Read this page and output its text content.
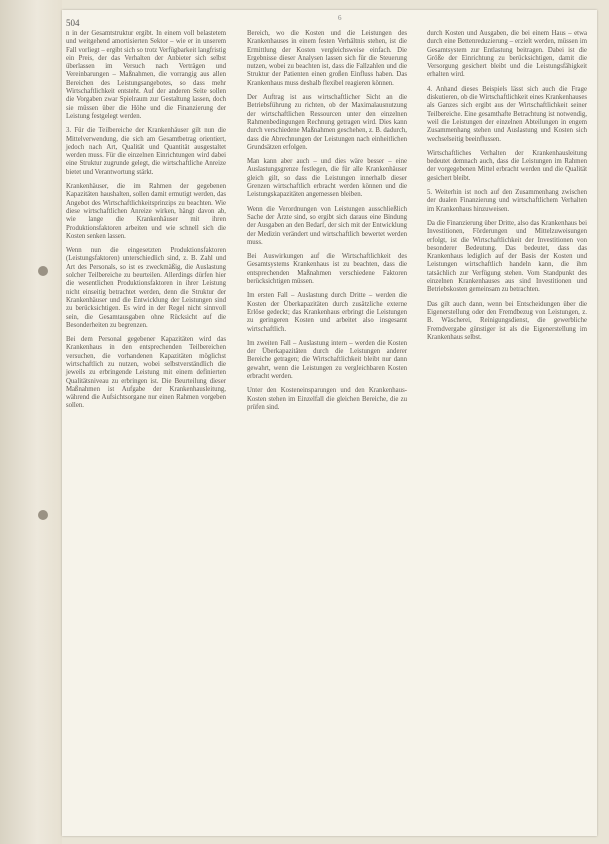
504	6

n in der Gesamtstruktur ergibt. In einem voll belastetem und weitgehend amortisierten Sektor – wie er in unserem Fall vorliegt – ergibt sich so trotz Verfügbarkeit langfristig ein Preis, der das Verhalten der Anbieter sich selbst überlassen im Versuch nach Verträgen und Vereinbarungen – Maßnahmen, die vorrangig aus allen Bereichen des Leistungsangebotes, so dass mehr Wirtschaftlichkeit entsteht. Auf der anderen Seite sollen die Vorgaben zwar Spielraum zur Gestaltung lassen, doch sie müssen über die Höhe und die Finanzierung der Leistung festgelegt werden.

3. Für die Teilbereiche der Krankenhäuser gilt nun die Mittelverwendung, die sich am Gesamtbetrag orientiert, jedoch nach Art, Qualität und Quantität ausgestaltet werden muss. Für die einzelnen Einrichtungen wird dabei eine Struktur zugrunde gelegt, die wirtschaftliche Anreize bietet und Verantwortung stärkt.

Krankenhäuser, die im Rahmen der gegebenen Kapazitäten haushalten, sollen damit ermutigt werden, das Angebot des Wirtschaftlichkeitsprinzips zu beachten. Wie diese wirtschaftlichen Anreize wirken, hängt davon ab, wie lange die Krankenhäuser mit ihren Produktionsfaktoren arbeiten und wie schnell sich die Kosten senken lassen.

Wenn nun die eingesetzten Produktionsfaktoren (Leistungsfaktoren) unterschiedlich sind, z. B. Zahl und Art des Personals, so ist es zweckmäßig, die Auslastung solcher Teilbereiche zu beurteilen. Allerdings dürfen hier die wesentlichen Produktionsfaktoren in ihrer Leistung nicht einseitig betrachtet werden, denn die Struktur der Krankenhäuser und die Entwicklung der Leistungen sind zu berücksichtigen. Es wird in der Regel nicht sinnvoll sein, die Gesamtausgaben ohne Rücksicht auf die Besonderheiten zu begrenzen.

Bei dem Personal gegebener Kapazitäten wird das Krankenhaus in den entsprechenden Teilbereichen versuchen, die vorhandenen Kapazitäten möglichst wirtschaftlich zu nutzen, wobei selbstverständlich die jeweils zu erbringende Leistung mit einem definierten Qualitätsniveau zu erbringen ist. Die Beurteilung dieser Maßnahmen ist Aufgabe der Krankenhausleitung, während die Aufsichtsorgane nur einen Rahmen vorgeben sollen.

Bereich, wo die Kosten und die Leistungen des Krankenhauses in einem festen Verhältnis stehen, ist die Ermittlung der Kosten vergleichsweise einfach. Die Ergebnisse dieser Analysen lassen sich für die Steuerung nutzen, wobei zu beachten ist, dass die Fallzahlen und die Struktur der Patienten einen großen Einfluss haben. Das Krankenhaus muss deshalb flexibel reagieren können.

Der Auftrag ist aus wirtschaftlicher Sicht an die Betriebsführung zu richten, ob der Maximalausnutzung der wirtschaftlichen Ressourcen unter den einzelnen Rahmenbedingungen Rechnung getragen wird. Dies kann durch verschiedene Maßnahmen geschehen, z. B. dadurch, dass die Abrechnungen der Leistungen nach einheitlichen Grundsätzen erfolgen.

Man kann aber auch – und dies wäre besser – eine Auslastungsgrenze festlegen, die für alle Krankenhäuser gleich gilt, so dass die Leistungen innerhalb dieser Grenzen wirtschaftlich erbracht werden können und die Leistungskapazitäten angemessen bleiben.

Wenn die Verordnungen von Leistungen ausschließlich Sache der Ärzte sind, so ergibt sich daraus eine Bindung der Ausgaben an den Bedarf, der sich mit der Entwicklung der Medizin verändert und wirtschaftlich bewertet werden muss.

Bei Auswirkungen auf die Wirtschaftlichkeit des Gesamtsystems Krankenhaus ist zu beachten, dass die entsprechenden Maßnahmen verschiedene Faktoren berücksichtigen müssen.

Im ersten Fall – Auslastung durch Dritte – werden die Kosten der Überkapazitäten durch zusätzliche externe Erlöse gedeckt; das Krankenhaus erbringt die Leistungen zu geringeren Kosten und arbeitet also insgesamt wirtschaftlich.

Im zweiten Fall – Auslastung intern – werden die Kosten der Überkapazitäten durch die Leistungen anderer Bereiche getragen; die Wirtschaftlichkeit bleibt nur dann gewahrt, wenn die Leistungen zu vergleichbaren Kosten erbracht werden.

Unter den Kosteneinsparungen und den Krankenhaus-Kosten stehen im Einzelfall die gleichen Bereiche, die zu prüfen sind.

durch Kosten und Ausgaben, die bei einem Haus – etwa durch eine Bettenreduzierung – erzielt werden, müssen im Gesamtsystem zur Entlastung beitragen. Dabei ist die Größe der Einrichtung zu berücksichtigen, damit die Versorgung gesichert bleibt und die Leistungsfähigkeit erhalten wird.

4. Anhand dieses Beispiels lässt sich auch die Frage diskutieren, ob die Wirtschaftlichkeit eines Krankenhauses als Ganzes sich ergibt aus der Wirtschaftlichkeit seiner Teilbereiche. Eine gesamthafte Betrachtung ist notwendig, weil die Leistungen der einzelnen Abteilungen in engem Zusammenhang stehen und Auslastung und Kosten sich wechselseitig beeinflussen.

Wirtschaftliches Verhalten der Krankenhausleitung bedeutet demnach auch, dass die Leistungen im Rahmen der vorgegebenen Mittel erbracht werden und die Qualität gesichert bleibt.

5. Weiterhin ist noch auf den Zusammenhang zwischen der dualen Finanzierung und wirtschaftlichem Verhalten im Krankenhaus hinzuweisen.

Da die Finanzierung über Dritte, also das Krankenhaus bei Investitionen, Förderungen und Mittelzuweisungen erfolgt, ist die Wirtschaftlichkeit der Investitionen von besonderer Bedeutung. Das bedeutet, dass das Krankenhaus lediglich auf der Basis der Kosten und Leistungen wirtschaftlich handeln kann, die ihm tatsächlich zur Verfügung stehen. Vom Standpunkt des einzelnen Krankenhauses aus sind Investitionen und Betriebskosten gemeinsam zu betrachten.

Das gilt auch dann, wenn bei Entscheidungen über die Eigenerstellung oder den Fremdbezug von Leistungen, z. B. Wäscherei, Reinigungsdienst, die gewerbliche Fremdvergabe günstiger ist als die Eigenerstellung im Krankenhaus selbst.
